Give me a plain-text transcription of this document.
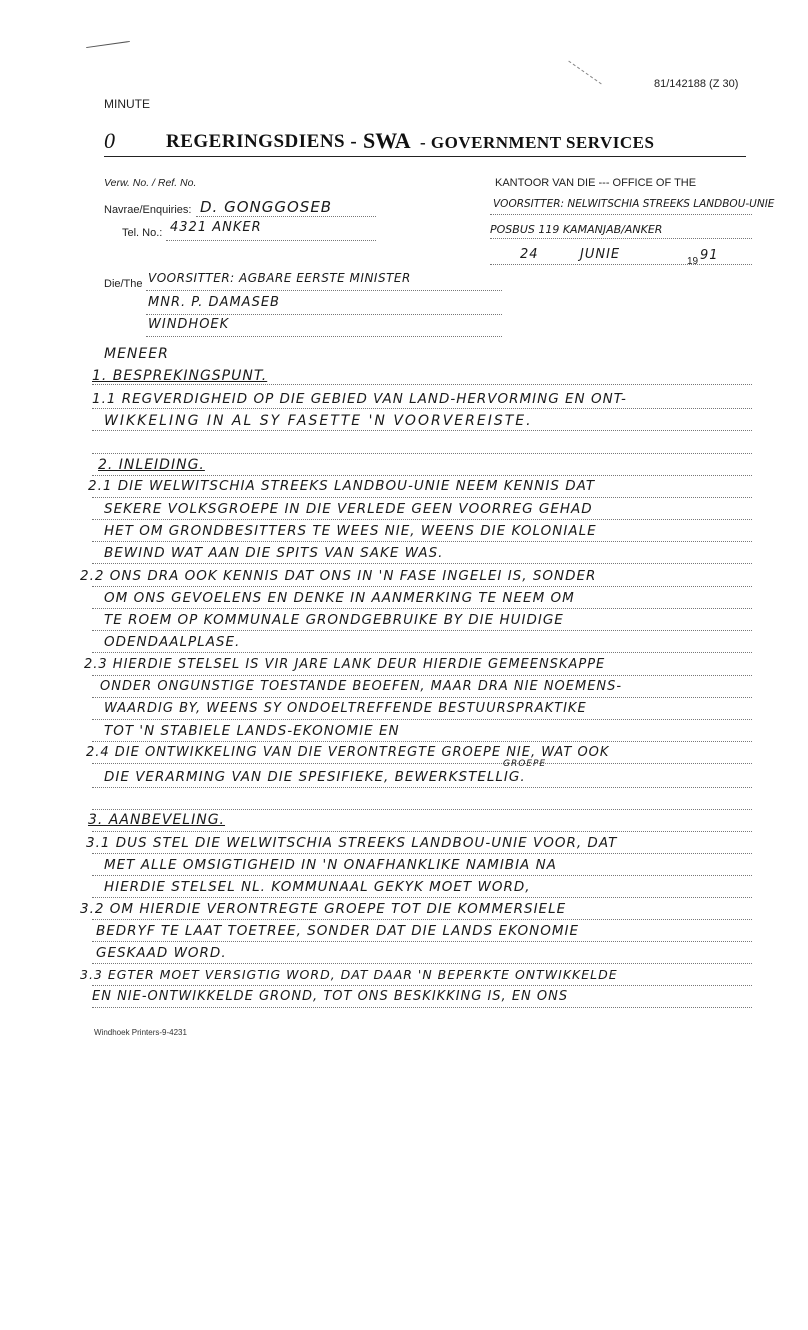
81/142188 (Z 30)
MINUTE
0	REGERINGSDIENS - SWA - GOVERNMENT SERVICES
Verw. No. / Ref. No.	KANTOOR VAN DIE --- OFFICE OF THE
Navrae/Enquiries: D. GONGGOSEB	VOORSITTER: NELWITSCHIA STREEKS LANDBOU-UNIE
Tel. No.: 4321 ANKER	POSBUS 119 KAMANJAB/ANKER
24	JUNIE	19 91
Die/The VOORSITTER: AGBARE EERSTE MINISTER
MNR. P. DAMASEB
WINDHOEK
MENEER
1. BESPREKINGSPUNT.
1.1 REGVERDIGHEID OP DIE GEBIED VAN LAND-HERVORMING EN ONT-
WIKKELING IN AL SY FASETTE 'N VOORVEREISTE.
2. INLEIDING.
2.1 DIE WELWITSCHIA STREEKS LANDBOU-UNIE NEEM KENNIS DAT
SEKERE VOLKSGROEPE IN DIE VERLEDE GEEN VOORREG GEHAD
HET OM GRONDBESITTERS TE WEES NIE, WEENS DIE KOLONIALE
BEWIND WAT AAN DIE SPITS VAN SAKE WAS.
2.2 ONS DRA OOK KENNIS DAT ONS IN 'N FASE INGELEI IS, SONDER
OM ONS GEVOELENS EN DENKE IN AANMERKING TE NEEM OM
TE ROEM OP KOMMUNALE GRONDGEBRUIKE BY DIE HUIDIGE
ODENDAALPLASE.
2.3 HIERDIE STELSEL IS VIR JARE LANK DEUR HIERDIE GEMEENSKAPPE
ONDER ONGUNSTIGE TOESTANDE BEOEFEN, MAAR DRA NIE NOEMENS-
WAARDIG BY, WEENS SY ONDOELTREFFENDE BESTUURSPRAKTIKE
TOT 'N STABIELE LANDS-EKONOMIE EN
2.4 DIE ONTWIKKELING VAN DIE VERONTREGTE GROEPE NIE, WAT OOK
GROEPE
DIE VERARMING VAN DIE SPESIFIEKE, BEWERKSTELLIG.
3. AANBEVELING.
3.1 DUS STEL DIE WELWITSCHIA STREEKS LANDBOU-UNIE VOOR, DAT
MET ALLE OMSIGTIGHEID IN 'N ONAFHANKLIKE NAMIBIA NA
HIERDIE STELSEL NL. KOMMUNAAL GEKYK MOET WORD,
3.2 OM HIERDIE VERONTREGTE GROEPE TOT DIE KOMMERSIELE
BEDRYF TE LAAT TOETREE, SONDER DAT DIE LANDS EKONOMIE
GESKAAD WORD.
3.3 EGTER MOET VERSIGTIG WORD, DAT DAAR 'N BEPERKTE ONTWIKKELDE
EN NIE-ONTWIKKELDE GROND, TOT ONS BESKIKKING IS, EN ONS
Windhoek Printers-9-4231
